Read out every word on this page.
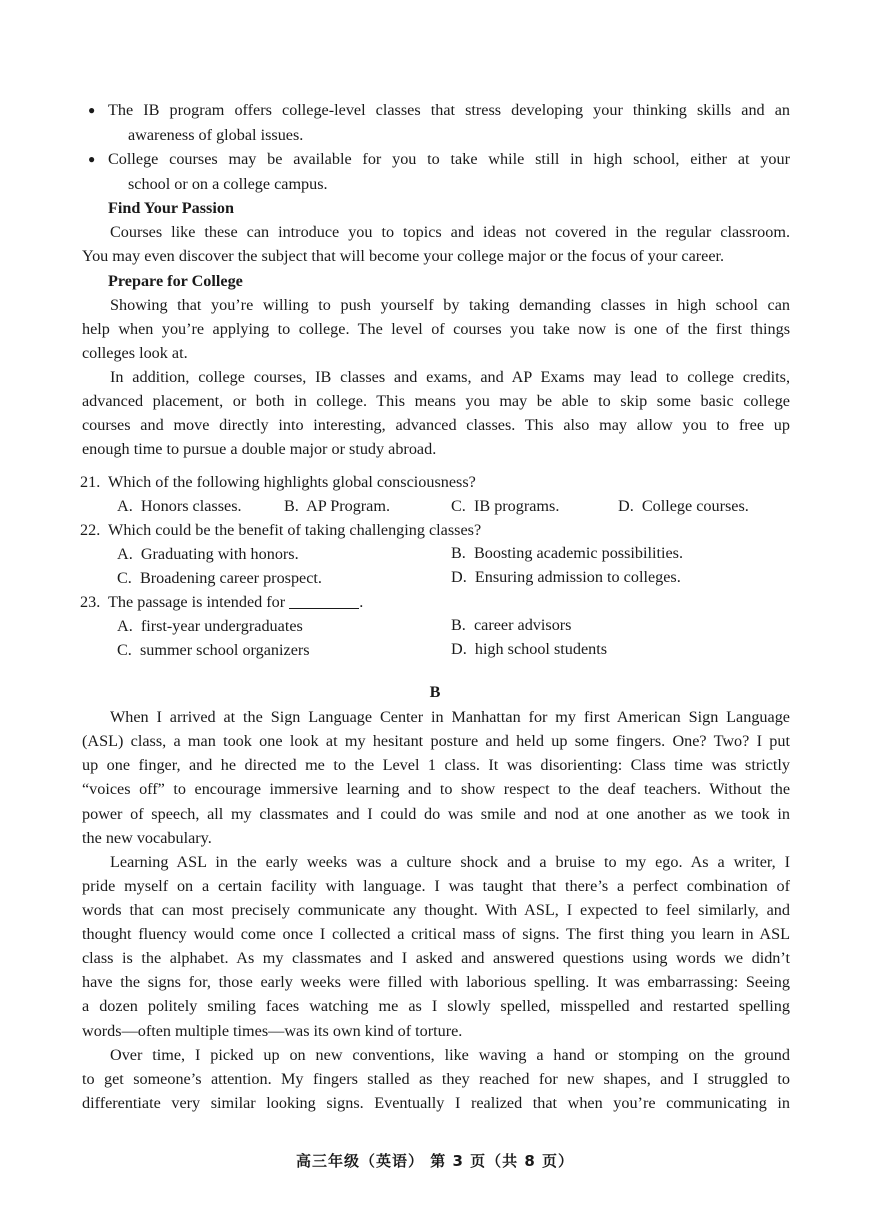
● The IB program offers college-level classes that stress developing your thinking skills and an
awareness of global issues.
● College courses may be available for you to take while still in high school, either at your
school or on a college campus.
Find Your Passion
Courses like these can introduce you to topics and ideas not covered in the regular classroom.
You may even discover the subject that will become your college major or the focus of your career.
Prepare for College
Showing that you’re willing to push yourself by taking demanding classes in high school can
help when you’re applying to college. The level of courses you take now is one of the first things
colleges look at.
In addition, college courses, IB classes and exams, and AP Exams may lead to college credits,
advanced placement, or both in college. This means you may be able to skip some basic college
courses and move directly into interesting, advanced classes. This also may allow you to free up
enough time to pursue a double major or study abroad.
21. Which of the following highlights global consciousness?
A. Honors classes.	B. AP Program.	C. IB programs.	D. College courses.
22. Which could be the benefit of taking challenging classes?
A. Graduating with honors.	B. Boosting academic possibilities.
C. Broadening career prospect.	D. Ensuring admission to colleges.
23. The passage is intended for	.
A. first-year undergraduates	B. career advisors
C. summer school organizers	D. high school students
B
When I arrived at the Sign Language Center in Manhattan for my first American Sign Language
(ASL) class, a man took one look at my hesitant posture and held up some fingers. One? Two? I put
up one finger, and he directed me to the Level 1 class. It was disorienting: Class time was strictly
“voices off” to encourage immersive learning and to show respect to the deaf teachers. Without the
power of speech, all my classmates and I could do was smile and nod at one another as we took in
the new vocabulary.
Learning ASL in the early weeks was a culture shock and a bruise to my ego. As a writer, I
pride myself on a certain facility with language. I was taught that there’s a perfect combination of
words that can most precisely communicate any thought. With ASL, I expected to feel similarly, and
thought fluency would come once I collected a critical mass of signs. The first thing you learn in ASL
class is the alphabet. As my classmates and I asked and answered questions using words we didn’t
have the signs for, those early weeks were filled with laborious spelling. It was embarrassing: Seeing
a dozen politely smiling faces watching me as I slowly spelled, misspelled and restarted spelling
words—often multiple times—was its own kind of torture.
Over time, I picked up on new conventions, like waving a hand or stomping on the ground
to get someone’s attention. My fingers stalled as they reached for new shapes, and I struggled to
differentiate very similar looking signs. Eventually I realized that when you’re communicating in
高三年级（英语） 第 3 页（共 8 页）
